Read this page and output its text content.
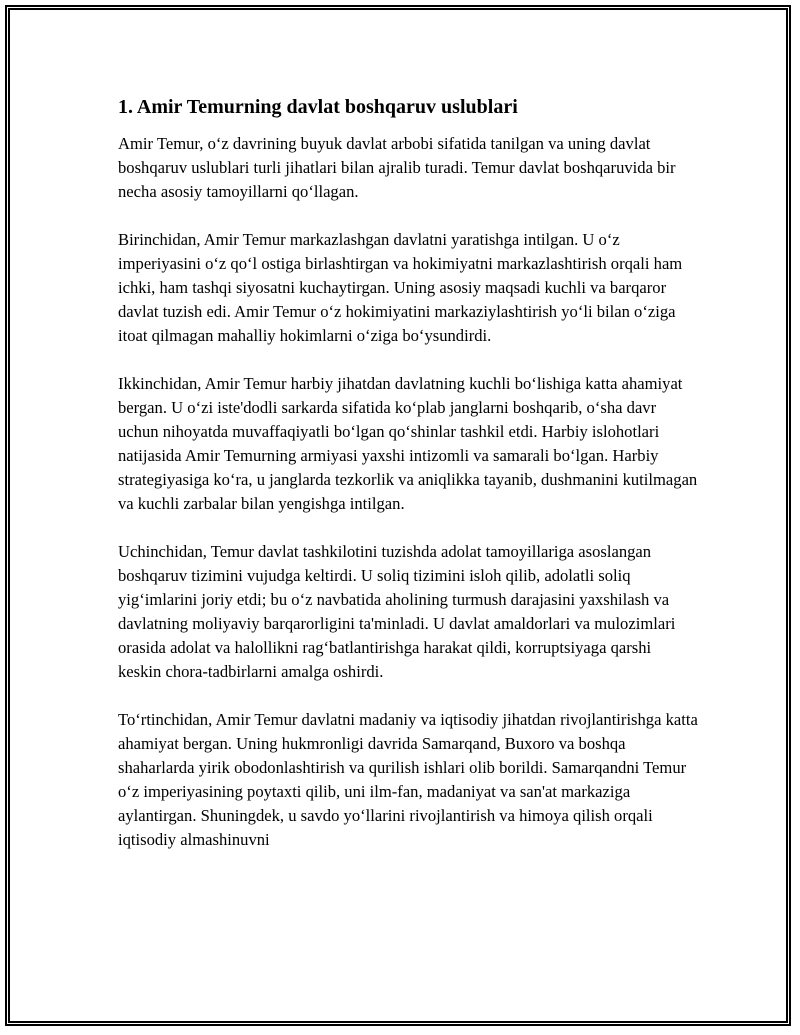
1. Amir Temurning davlat boshqaruv uslublari

Amir Temur, o‘z davrining buyuk davlat arbobi sifatida tanilgan va uning davlat boshqaruv uslublari turli jihatlari bilan ajralib turadi. Temur davlat boshqaruvida bir necha asosiy tamoyillarni qo‘llagan.

Birinchidan, Amir Temur markazlashgan davlatni yaratishga intilgan. U o‘z imperiyasini o‘z qo‘l ostiga birlashtirgan va hokimiyatni markazlashtirish orqali ham ichki, ham tashqi siyosatni kuchaytirgan. Uning asosiy maqsadi kuchli va barqaror davlat tuzish edi. Amir Temur o‘z hokimiyatini markaziylashtirish yo‘li bilan o‘ziga itoat qilmagan mahalliy hokimlarni o‘ziga bo‘ysundirdi.

Ikkinchidan, Amir Temur harbiy jihatdan davlatning kuchli bo‘lishiga katta ahamiyat bergan. U o‘zi iste'dodli sarkarda sifatida ko‘plab janglarni boshqarib, o‘sha davr uchun nihoyatda muvaffaqiyatli bo‘lgan qo‘shinlar tashkil etdi. Harbiy islohotlari natijasida Amir Temurning armiyasi yaxshi intizomli va samarali bo‘lgan. Harbiy strategiyasiga ko‘ra, u janglarda tezkorlik va aniqlikka tayanib, dushmanini kutilmagan va kuchli zarbalar bilan yengishga intilgan.

Uchinchidan, Temur davlat tashkilotini tuzishda adolat tamoyillariga asoslangan boshqaruv tizimini vujudga keltirdi. U soliq tizimini isloh qilib, adolatli soliq yig‘imlarini joriy etdi; bu o‘z navbatida aholining turmush darajasini yaxshilash va davlatning moliyaviy barqarorligini ta'minladi. U davlat amaldorlari va mulozimlari orasida adolat va halollikni rag‘batlantirishga harakat qildi, korruptsiyaga qarshi keskin chora-tadbirlarni amalga oshirdi.

To‘rtinchidan, Amir Temur davlatni madaniy va iqtisodiy jihatdan rivojlantirishga katta ahamiyat bergan. Uning hukmronligi davrida Samarqand, Buxoro va boshqa shaharlarda yirik obodonlashtirish va qurilish ishlari olib borildi. Samarqandni Temur o‘z imperiyasining poytaxti qilib, uni ilm-fan, madaniyat va san'at markaziga aylantirgan. Shuningdek, u savdo yo‘llarini rivojlantirish va himoya qilish orqali iqtisodiy almashinuvni
